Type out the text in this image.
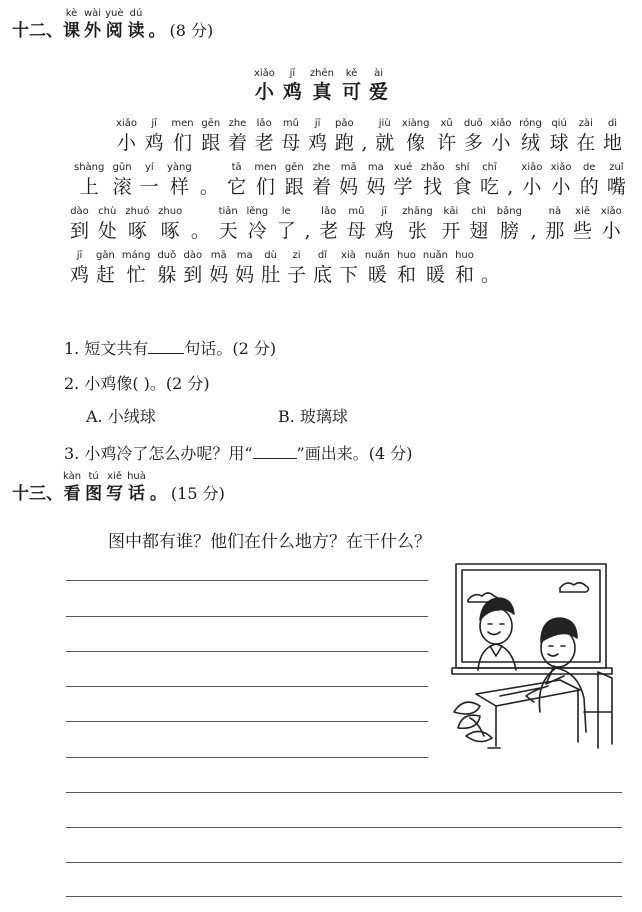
十二、
kè
课
wài
外
yuè
阅
dú
读
。 (8 分)
xiǎo
小
jī
鸡
zhēn
真
kě
可
ài
爱
xiǎo
小
jī
鸡
men
们
gēn
跟
zhe
着
lǎo
老
mǔ
母
jī
鸡
pǎo
跑
,
jiù
就
xiàng
像
xǔ
许
duō
多
xiǎo
小
róng
绒
qiú
球
zài
在
dì
地
shàng
上
gǔn
滚
yí
一
yàng
样
。
tā
它
men
们
gēn
跟
zhe
着
mā
妈
ma
妈
xué
学
zhǎo
找
shí
食
chī
吃
,
xiǎo
小
xiǎo
小
de
的
zuǐ
嘴
dào
到
chù
处
zhuó
啄
zhuo
啄
。
tiān
天
lěng
冷
le
了
,
lǎo
老
mǔ
母
jī
鸡
zhāng
张
kāi
开
chì
翅
bǎng
膀
,
nà
那
xiē
些
xiǎo
小
jī
鸡
gǎn
赶
máng
忙
duǒ
躲
dào
到
mā
妈
ma
妈
dù
肚
zi
子
dǐ
底
xià
下
nuǎn
暖
huo
和
nuǎn
暖
huo
和
。
1. 短文共有 句话。(2 分)
2. 小鸡像( )。(2 分)
A. 小绒球	B. 玻璃球
3. 小鸡冷了怎么办呢？用“	”画出来。(4 分)
十三、
kàn
看
tú
图
xiě
写
huà
话
。 (15 分)
图中都有谁？他们在什么地方？在干什么？
